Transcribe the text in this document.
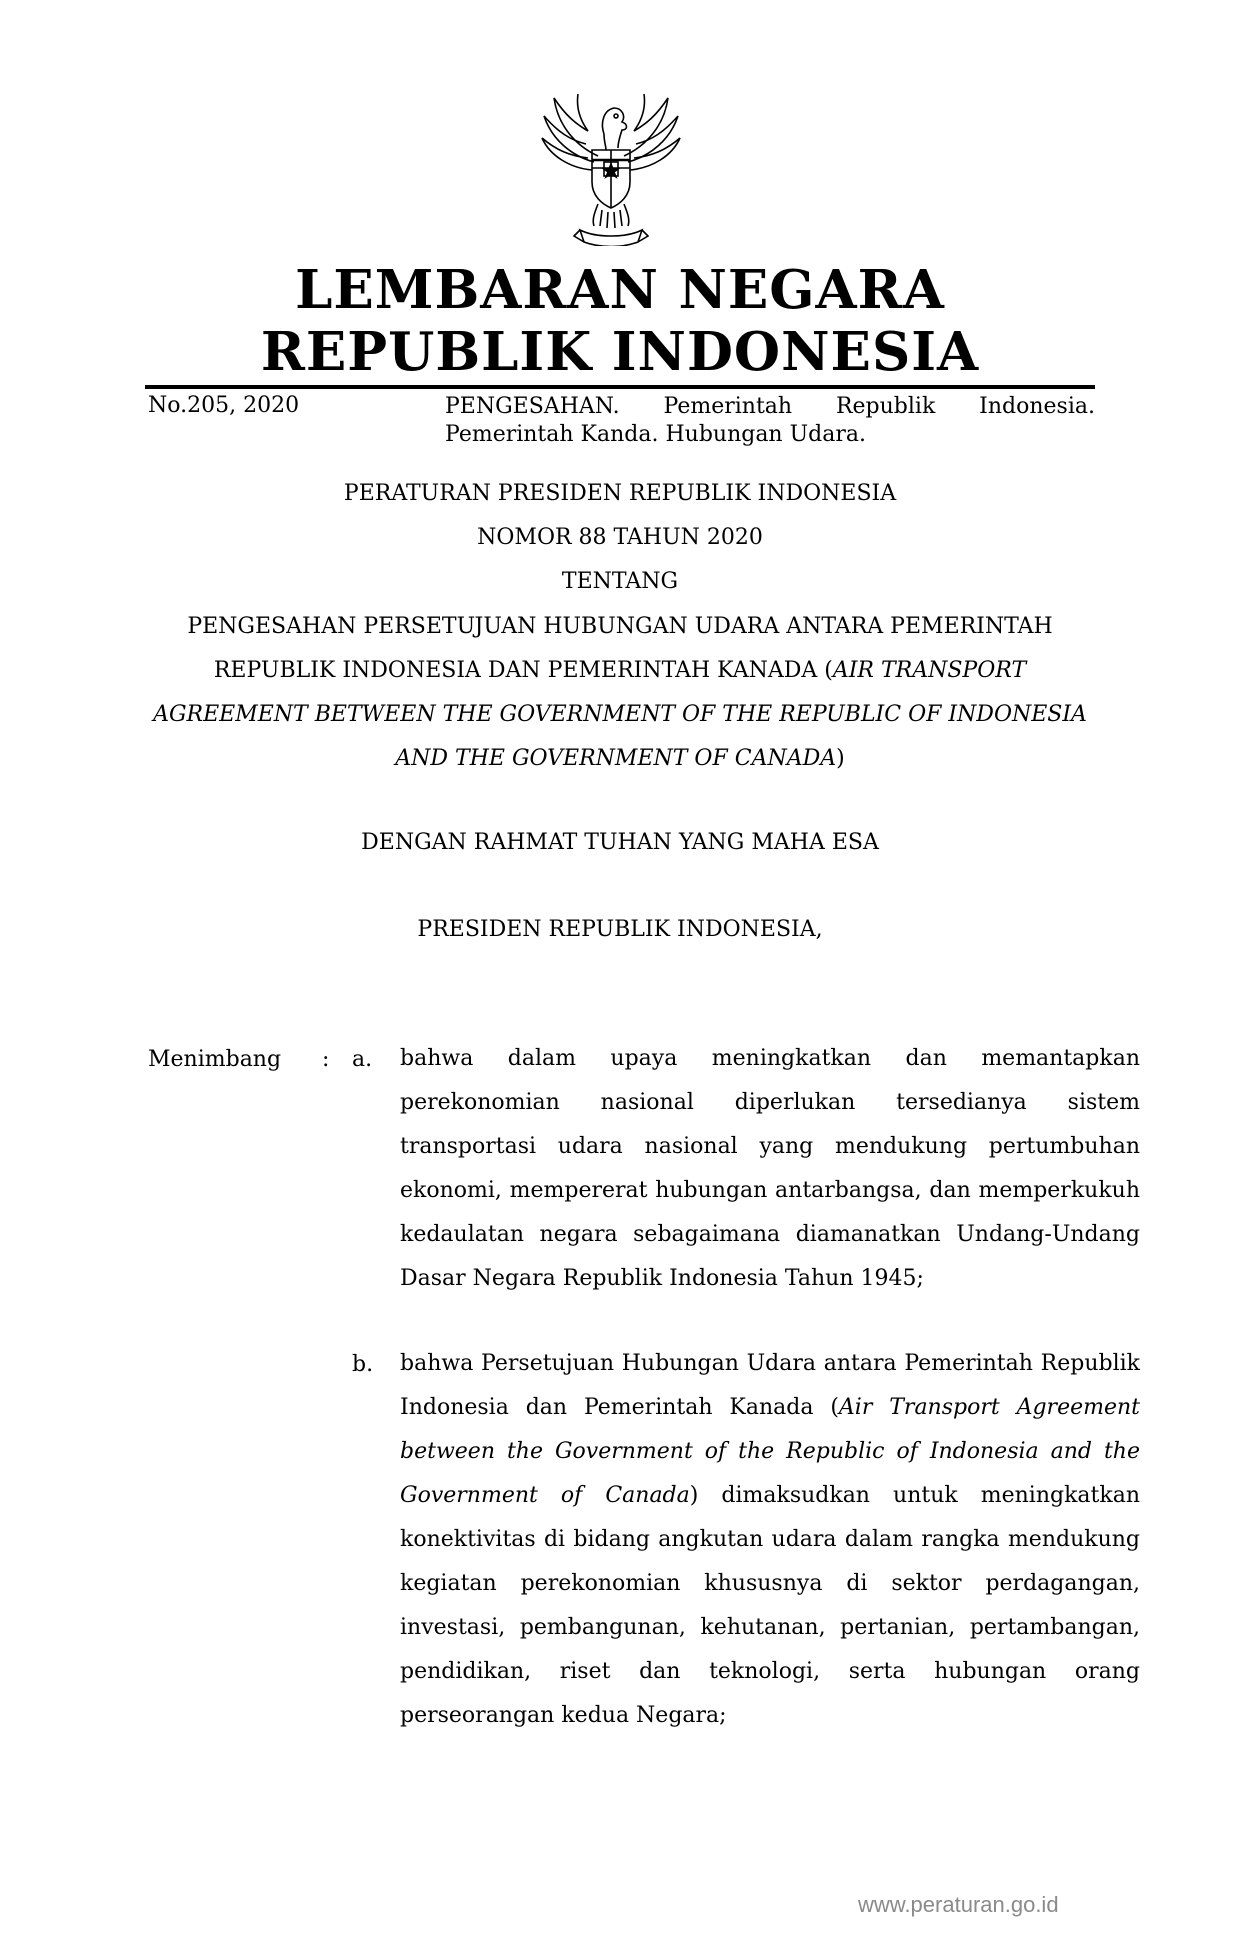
LEMBARAN NEGARA
REPUBLIK INDONESIA
No.205, 2020	PENGESAHAN. Pemerintah Republik Indonesia.
Pemerintah Kanda. Hubungan Udara.
PERATURAN PRESIDEN REPUBLIK INDONESIA
NOMOR 88 TAHUN 2020
TENTANG
PENGESAHAN PERSETUJUAN HUBUNGAN UDARA ANTARA PEMERINTAH
REPUBLIK INDONESIA DAN PEMERINTAH KANADA (AIR TRANSPORT
AGREEMENT BETWEEN THE GOVERNMENT OF THE REPUBLIC OF INDONESIA
AND THE GOVERNMENT OF CANADA)
DENGAN RAHMAT TUHAN YANG MAHA ESA
PRESIDEN REPUBLIK INDONESIA,
Menimbang : a. bahwa dalam upaya meningkatkan dan memantapkan perekonomian nasional diperlukan tersedianya sistem transportasi udara nasional yang mendukung pertumbuhan ekonomi, mempererat hubungan antarbangsa, dan memperkukuh kedaulatan negara sebagaimana diamanatkan Undang-Undang Dasar Negara Republik Indonesia Tahun 1945;
b. bahwa Persetujuan Hubungan Udara antara Pemerintah Republik Indonesia dan Pemerintah Kanada (Air Transport Agreement between the Government of the Republic of Indonesia and the Government of Canada) dimaksudkan untuk meningkatkan konektivitas di bidang angkutan udara dalam rangka mendukung kegiatan perekonomian khususnya di sektor perdagangan, investasi, pembangunan, kehutanan, pertanian, pertambangan, pendidikan, riset dan teknologi, serta hubungan orang perseorangan kedua Negara;
www.peraturan.go.id
